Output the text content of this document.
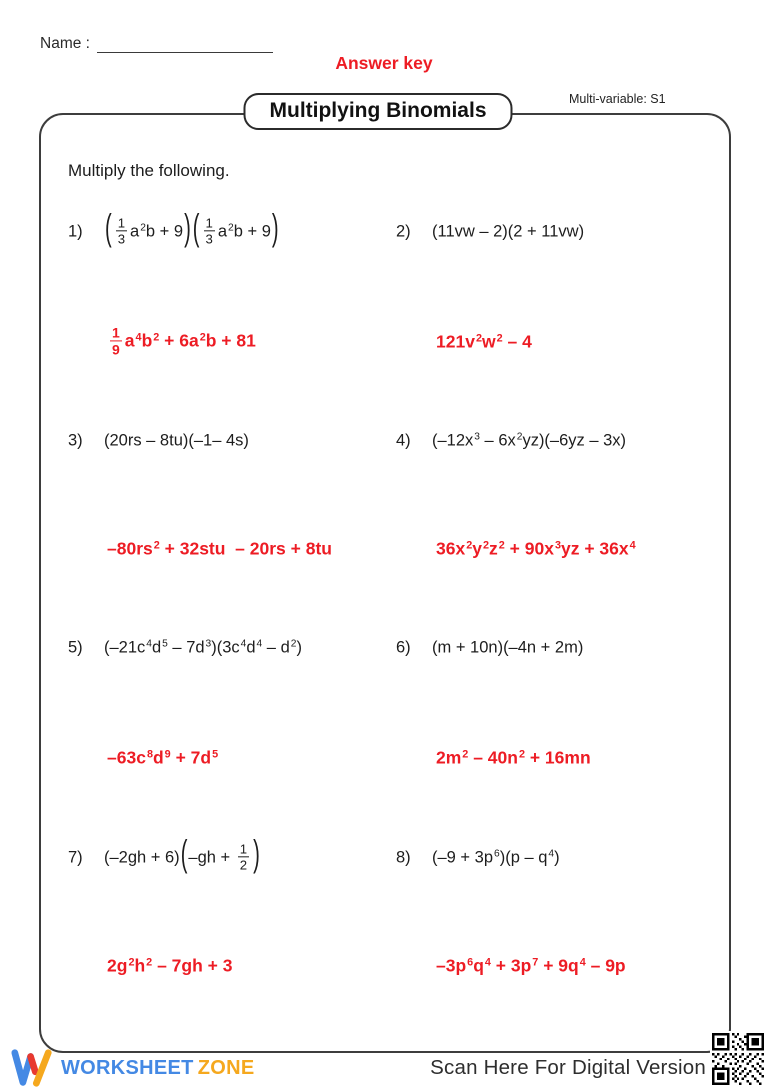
Name :
Answer key
Multiplying Binomials	Multi-variable: S1
Multiply the following.
1)	( $\frac{1}{3} a^2b + 9)( \frac{1}{3} a^2b + 9)$
$\frac{1}{9} a^4b^2 + 6a^2b + 81$
2)	(11vw – 2)(2 + 11vw)
$121v^2w^2 - 4$
3)	(20rs – 8tu)(–1– 4s)
$-80rs^2 + 32stu - 20rs + 8tu$
4)	$(-12x^3 - 6x^2yz)(-6yz - 3x)$
$36x^2y^2z^2 + 90x^3yz + 36x^4$
5)	$(-21c^4d^5 - 7d^3)(3c^4d^4 - d^2)$
$-63c^8d^9 + 7d^5$
6)	(m + 10n)(–4n + 2m)
$2m^2 - 40n^2 + 16mn$
7)	$(-2gh + 6)(-gh + \frac{1}{2}$ )
$2g^2h^2 - 7gh + 3$
8)	$(-9 + 3p^6)(p - q^4)$
$-3p^6q^4 + 3p^7 + 9q^4 - 9p$
WORKSHEET ZONE	Scan Here For Digital Version
